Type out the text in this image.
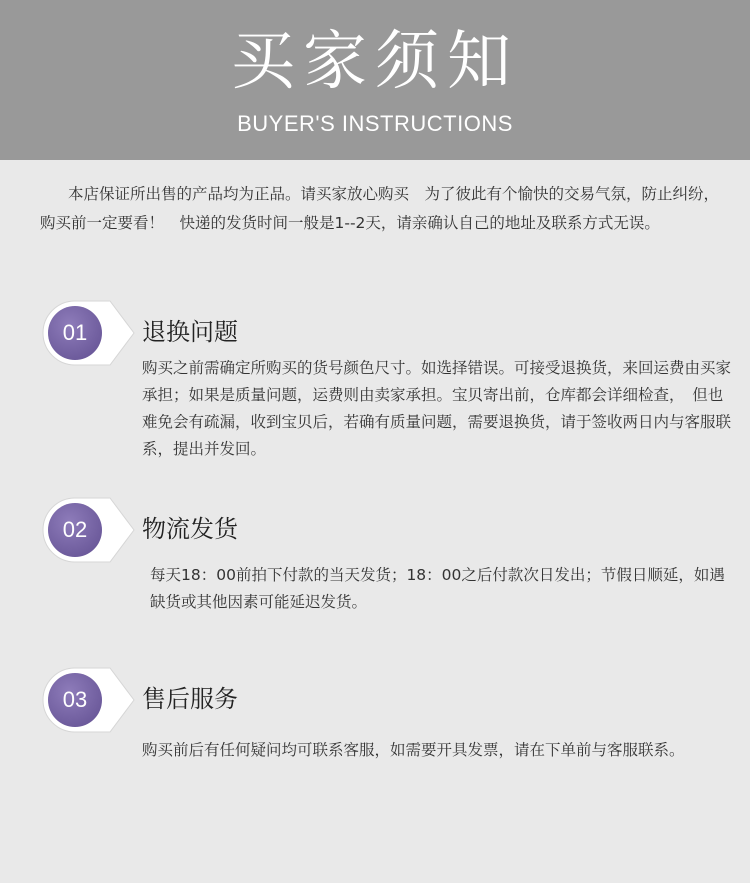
买家须知
BUYER'S INSTRUCTIONS
本店保证所出售的产品均为正品。请买家放心购买　为了彼此有个愉快的交易气氛，防止纠纷，购买前一定要看！　快递的发货时间一般是1--2天，请亲确认自己的地址及联系方式无误。
01	退换问题
购买之前需确定所购买的货号颜色尺寸。如选择错误。可接受退换货，来回运费由买家承担；如果是质量问题，运费则由卖家承担。宝贝寄出前，仓库都会详细检查，　但也难免会有疏漏，收到宝贝后，若确有质量问题，需要退换货，请于签收两日内与客服联系，提出并发回。
02	物流发货
每天18：00前拍下付款的当天发货；18：00之后付款次日发出；节假日顺延，如遇缺货或其他因素可能延迟发货。
03	售后服务
购买前后有任何疑问均可联系客服，如需要开具发票，请在下单前与客服联系。
